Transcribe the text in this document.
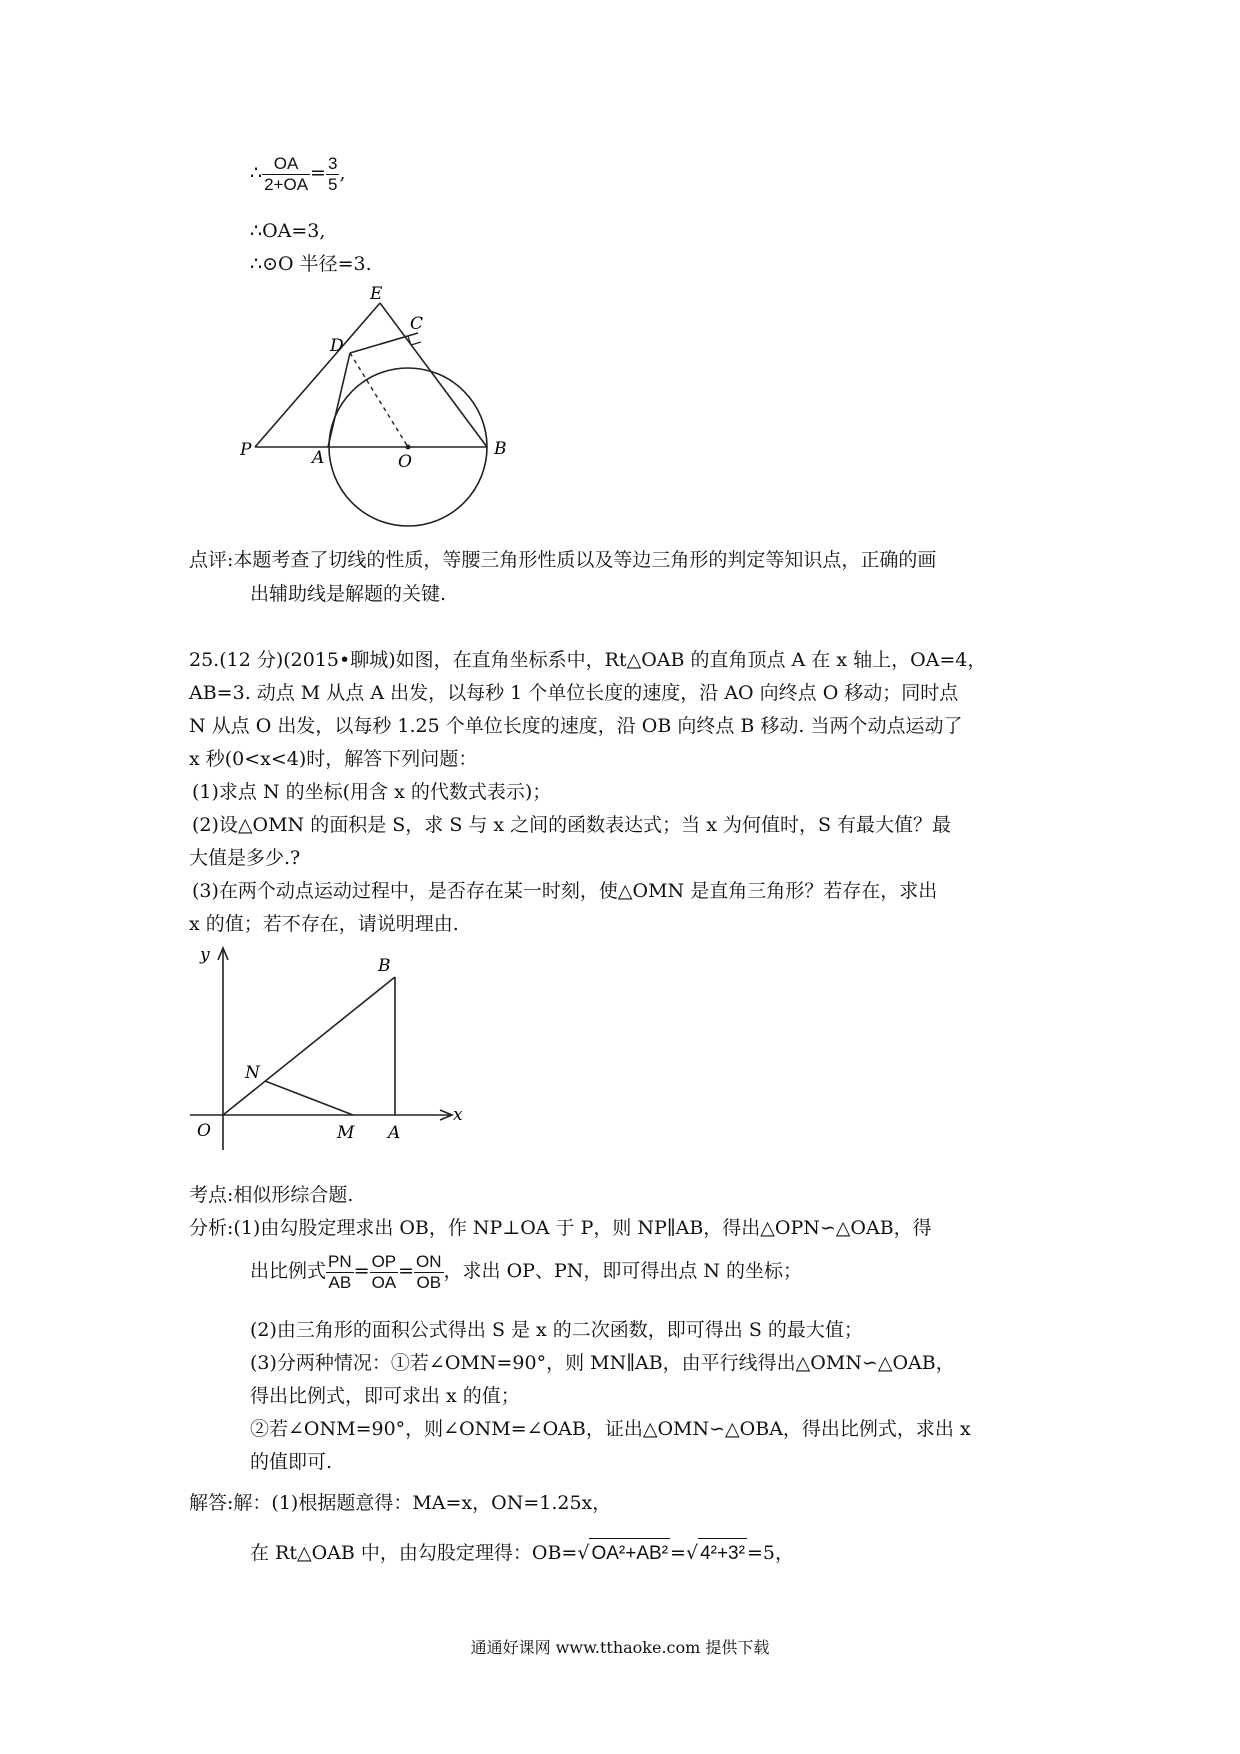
∴ $\frac{OA}{2+OA} = \frac{3}{5}$ ,
∴OA=3,
∴⊙O 半径=3.
E
C
D
P	A	O
B
点评:本题考查了切线的性质，等腰三角形性质以及等边三角形的判定等知识点，正确的画
出辅助线是解题的关键.
25.(12 分)(2015•聊城)如图，在直角坐标系中，Rt△OAB 的直角顶点 A 在 x 轴上，OA=4，
AB=3. 动点 M 从点 A 出发，以每秒 1 个单位长度的速度，沿 AO 向终点 O 移动；同时点
N 从点 O 出发，以每秒 1.25 个单位长度的速度，沿 OB 向终点 B 移动. 当两个动点运动了
x 秒(0<x<4)时，解答下列问题：
(1)求点 N 的坐标(用含 x 的代数式表示)；
(2)设△OMN 的面积是 S，求 S 与 x 之间的函数表达式；当 x 为何值时，S 有最大值？最
大值是多少.?
(3)在两个动点运动过程中，是否存在某一时刻，使△OMN 是直角三角形？若存在，求出
x 的值；若不存在，请说明理由.
y
B
N
O	M A
x
考点:相似形综合题.
分析:(1)由勾股定理求出 OB，作 NP⊥OA 于 P，则 NP∥AB，得出△OPN∽△OAB，得
出比例式 $\frac{PN}{AB} = \frac{OP}{OA} = \frac{ON}{OB}$ ，求出 OP、PN，即可得出点 N 的坐标；
(2)由三角形的面积公式得出 S 是 x 的二次函数，即可得出 S 的最大值；
(3)分两种情况：①若∠OMN=90°，则 MN∥AB，由平行线得出△OMN∽△OAB，
得出比例式，即可求出 x 的值；
②若∠ONM=90°，则∠ONM=∠OAB，证出△OMN∽△OBA，得出比例式，求出 x
的值即可.
解答:解：(1)根据题意得：MA=x，ON=1.25x，
在 Rt△OAB 中，由勾股定理得：OB=√ OA²+AB² =√ 4²+3² =5，
通通好课网 www.tthaoke.com 提供下载
